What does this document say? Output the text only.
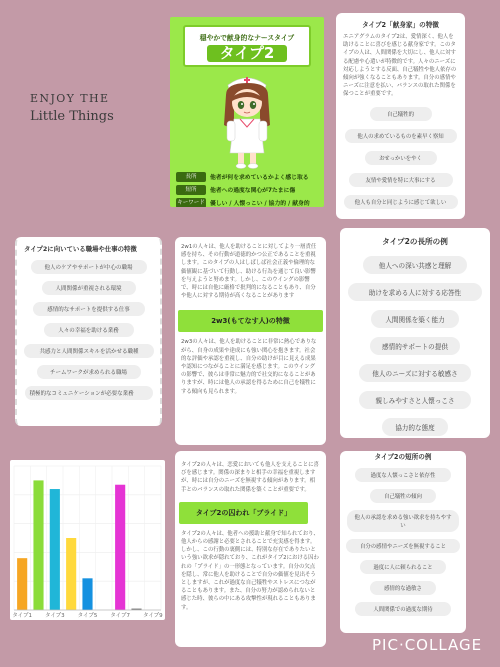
ENJOY THE
Little Things
穏やかで献身的なナースタイプ
タイプ2
長所	他者が何を求めているかよく感じ取る
短所	他者への過度な関心が7たまに傷
キーワード 優しい / 人懐っこい / 協力的 / 献身的
タイプ2「献身家」の特徴
エニアグラムのタイプ2は、愛情深く、他人を助けることに喜びを感じる献身家です。このタイプの人は、人間関係を大切にし、他人に対する配慮や心遣いが特徴的です。人々のニーズに対応しようとする反面、自己犠牲や他人依存の傾向が強くなることもあります。自分の感情やニーズに注意を払い、バランスの取れた関係を保つことが重要です。
自己犠牲的
他人の求めているものを素早く察知
おせっかいをやく
友情や愛情を特に大事にする
他人も自分と同じように感じて欲しい
タイプ2に向いている職場や仕事の特徴
他人のケアやサポートが中心の職場
人間関係が重視される環境
感情的なサポートを提供する仕事
人々の幸福を助ける業務
共感力と人間関係スキルを活かせる職種
チームワークが求められる職場
積極的なコミュニケーションが必要な業務
2w1の人々は、他人を助けることに対してより一層責任感を持ち、その行動が道徳的かつ公正であることを重視します。このタイプの人はしばしば社会正義や倫理的な価値観に基づいて行動し、助ける行為を通じて良い影響を与えようと努めます。しかし、このウイングの影響で、時には自他に厳格で批判的になることもあり、自分や他人に対する期待が高くなることがあります
2w3(もてなす人)の特徴
2w3の人々は、他人を助けることに非常に熱心でありながら、自身の成果や達成にも強い関心を抱きます。社会的な評価や承認を重視し、自分の助けが目に見える成果や認知につながることに満足を感じます。このウイングの影響で、彼らは非常に魅力的で社交的になることがありますが、時には他人の承認を得るために自己を犠牲にする傾向も見られます。
タイプ2の長所の例
他人への深い共感と理解
助けを求める人に対する応答性
人間関係を築く能力
感情的サポートの提供
他人のニーズに対する敏感さ
親しみやすさと人懐っこさ
協力的な態度
タイプ1 タイプ3 タイプ5 タイプ7 タイプ9
タイプ2の人々は、恋愛においても他人を支えることに喜びを感じます。関係の深まりと相手の幸福を重視しますが、時には自分のニーズを無視する傾向があります。相手とのバランスの取れた関係を築くことが重要です。
タイプ2の囚われ「プライド」
タイプ2の人々は、他者への援助と献身で知られており、他人からの感謝と必要とされることで充実感を得ます。しかし、この行動の裏側には、特別な存在でありたいという強い欲求が隠れており、これがタイプ2における囚われの「プライド」の一形態となっています。自分の欠点を隠し、常に他人を助けることで自分の価値を見出そうとしますが、これが過度な自己犠牲やストレスにつながることもあります。また、自分の努力が認められないと感じた時、彼らの中にある攻撃性が現れることもあります。
タイプ2の短所の例
過度な人懐っこさと依存性
自己犠牲の傾向
他人の承認を求める強い欲求を持ちやすい
自分の感情やニーズを無視すること
過度に人に頼られること
感情的な過敏さ
人間関係での過度な期待
PIC·COLLAGE
